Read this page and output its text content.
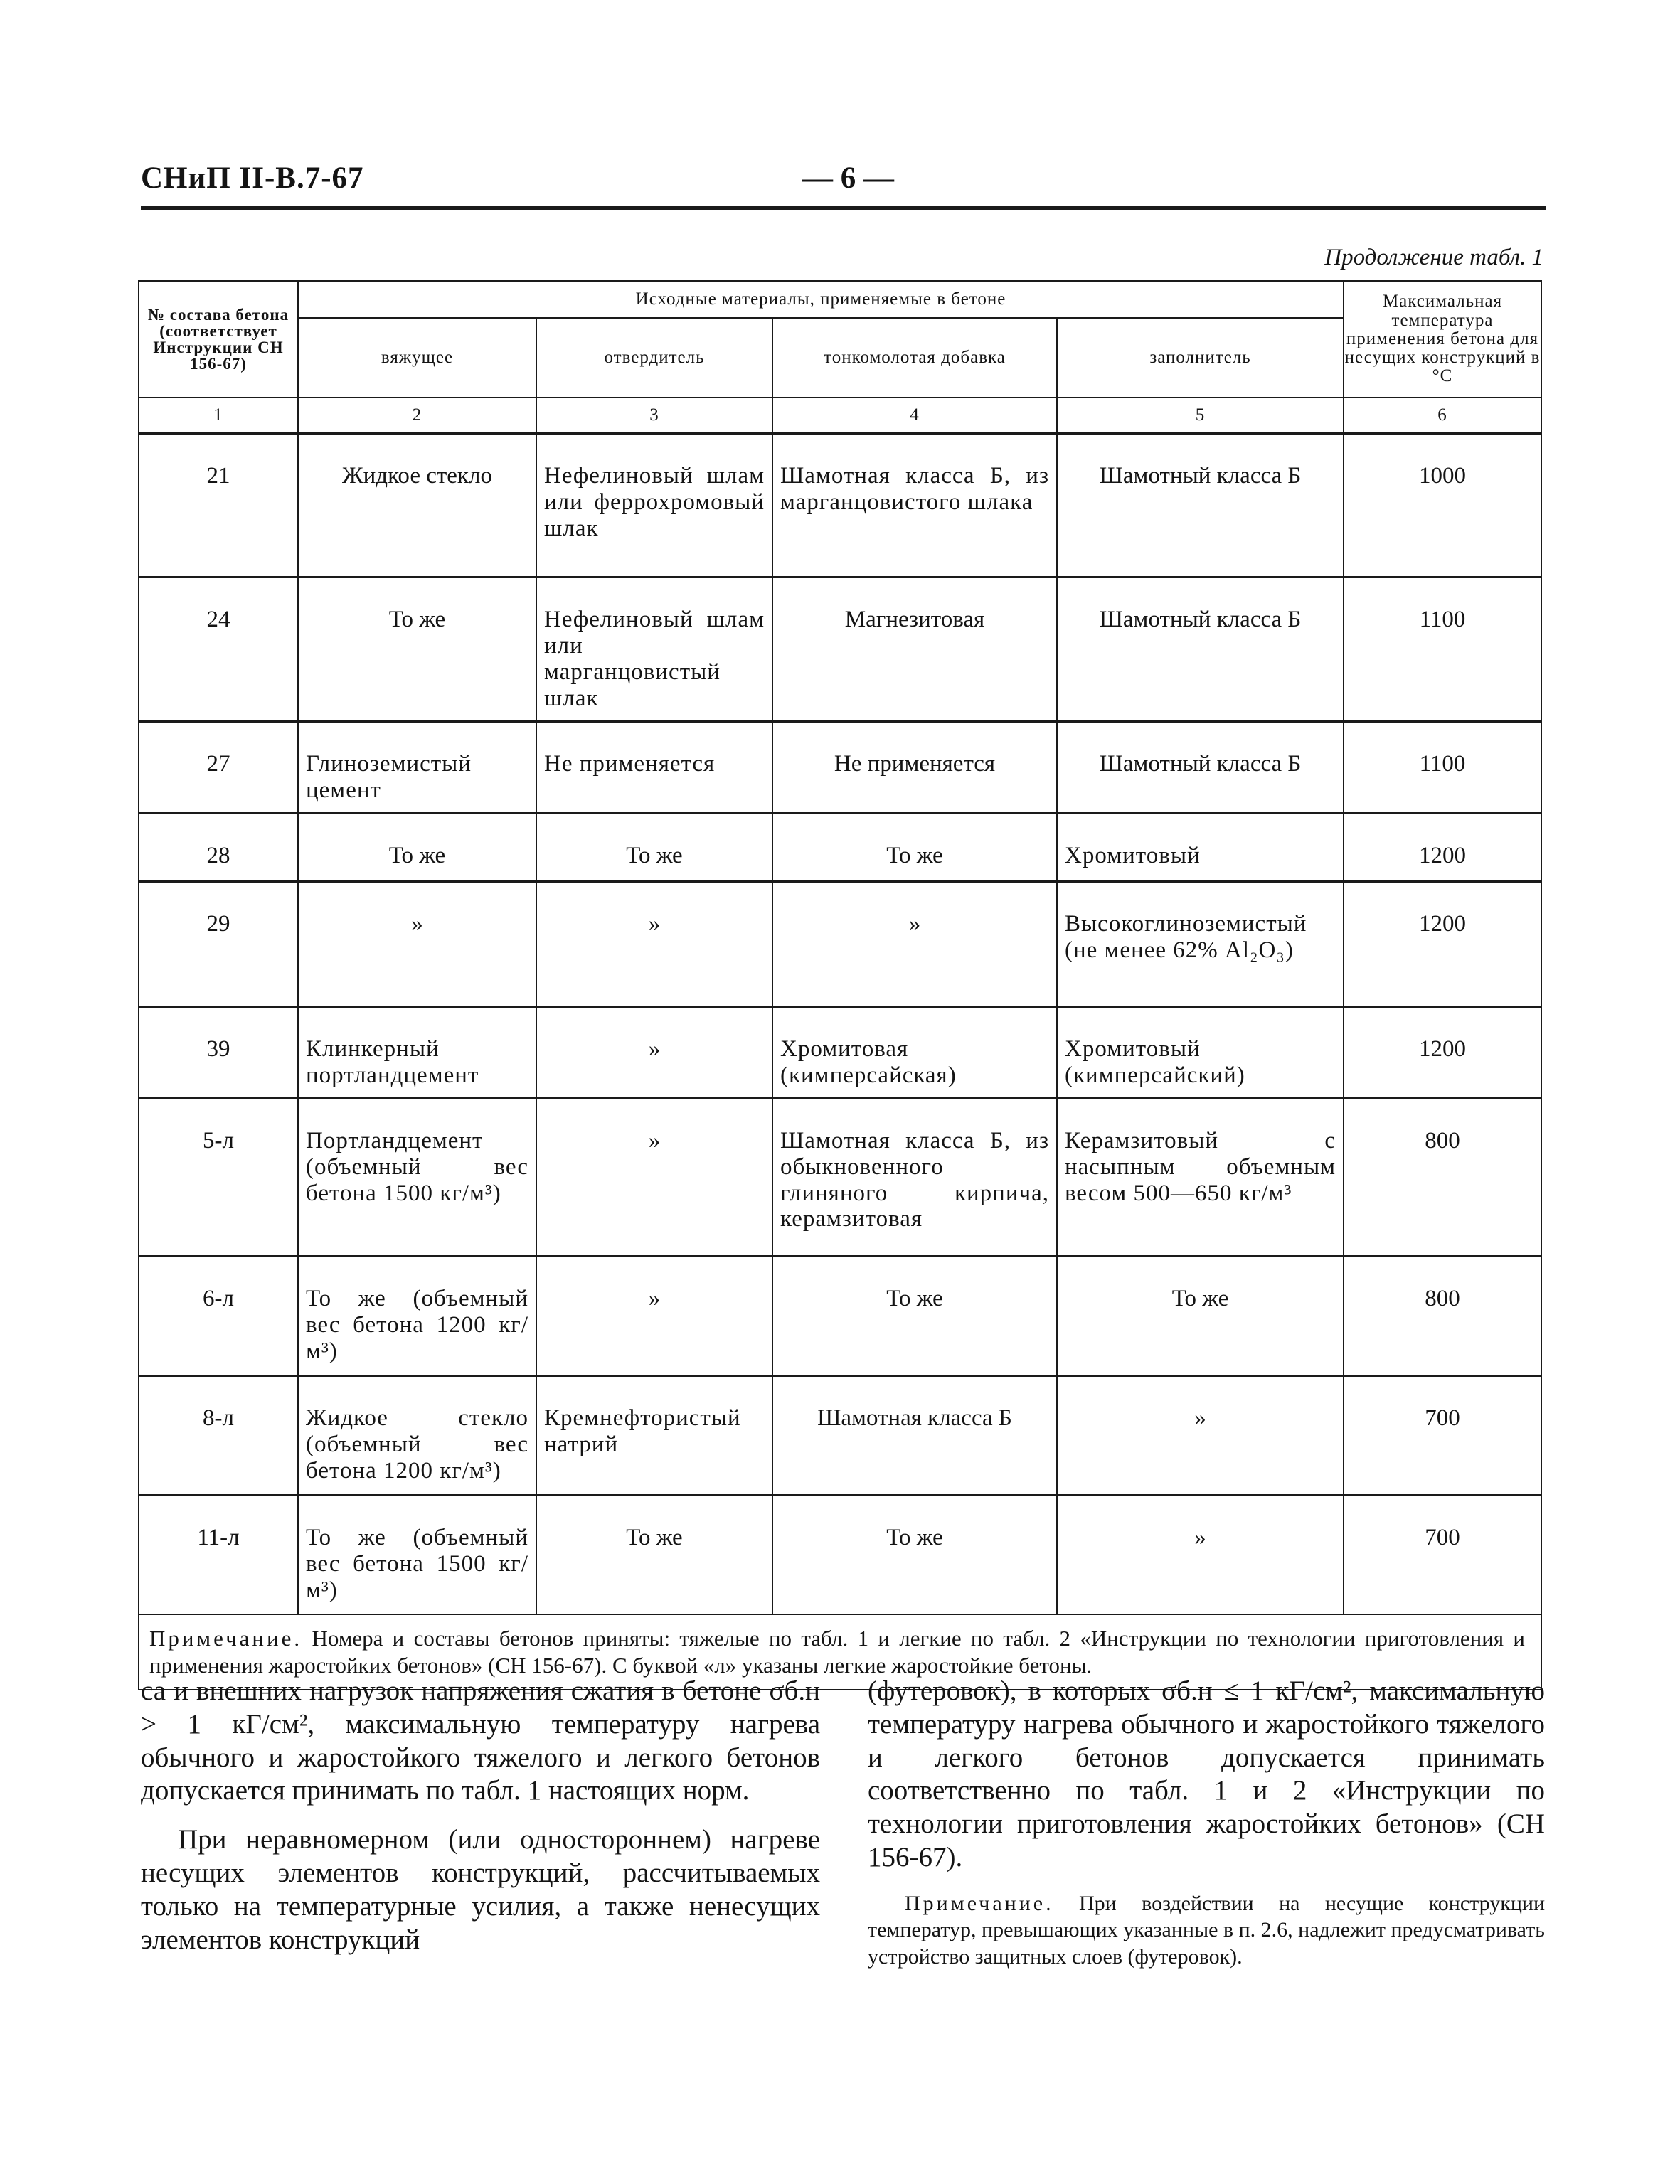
СНиП II-В.7-67	— 6 —
Продолжение табл. 1
№ состава бетона (соответствует Инструкции СН 156-67)	Исходные материалы, применяемые в бетоне				Максимальная температура применения бетона для несущих конструкций в °С
	вяжущее	отвердитель	тонкомолотая добавка	заполнитель	
1	2	3	4	5	6
21	Жидкое стекло	Нефелиновый шлам или феррохромовый шлак	Шамотная класса Б, из марганцовистого шлака	Шамотный класса Б	1000
24	То же	Нефелиновый шлам или марганцовистый шлак	Магнезитовая	Шамотный класса Б	1100
27	Глиноземистый цемент	Не применяется	Не применяется	Шамотный класса Б	1100
28	То же	То же	То же	Хромитовый	1200
29	»	»	»	Высокоглиноземистый (не менее 62% Al₂O₃)	1200
39	Клинкерный портландцемент	»	Хромитовая (кимперсайская)	Хромитовый (кимперсайский)	1200
5-л	Портландцемент (объемный вес бетона 1500 кг/м³)	»	Шамотная класса Б, из обыкновенного глиняного кирпича, керамзитовая	Керамзитовый с насыпным объемным весом 500—650 кг/м³	800
6-л	То же (объемный вес бетона 1200 кг/м³)	»	То же	То же	800
8-л	Жидкое стекло (объемный вес бетона 1200 кг/м³)	Кремнефтористый натрий	Шамотная класса Б	»	700
11-л	То же (объемный вес бетона 1500 кг/м³)	То же	То же	»	700
Примечание. Номера и составы бетонов приняты: тяжелые по табл. 1 и легкие по табл. 2 «Инструкции по технологии приготовления и применения жаростойких бетонов» (СН 156-67). С буквой «л» указаны легкие жаростойкие бетоны.					

са и внешних нагрузок напряжения сжатия в бетоне σб.н > 1 кГ/см², максимальную температуру нагрева обычного и жаростойкого тяжелого и легкого бетонов допускается принимать по табл. 1 настоящих норм.

При неравномерном (или одностороннем) нагреве несущих элементов конструкций, рассчитываемых только на температурные усилия, а также ненесущих элементов конструкций

(футеровок), в которых σб.н ≤ 1 кГ/см², максимальную температуру нагрева обычного и жаростойкого тяжелого и легкого бетонов допускается принимать соответственно по табл. 1 и 2 «Инструкции по технологии приготовления жаростойких бетонов» (СН 156-67).

Примечание. При воздействии на несущие конструкции температур, превышающих указанные в п. 2.6, надлежит предусматривать устройство защитных слоев (футеровок).
